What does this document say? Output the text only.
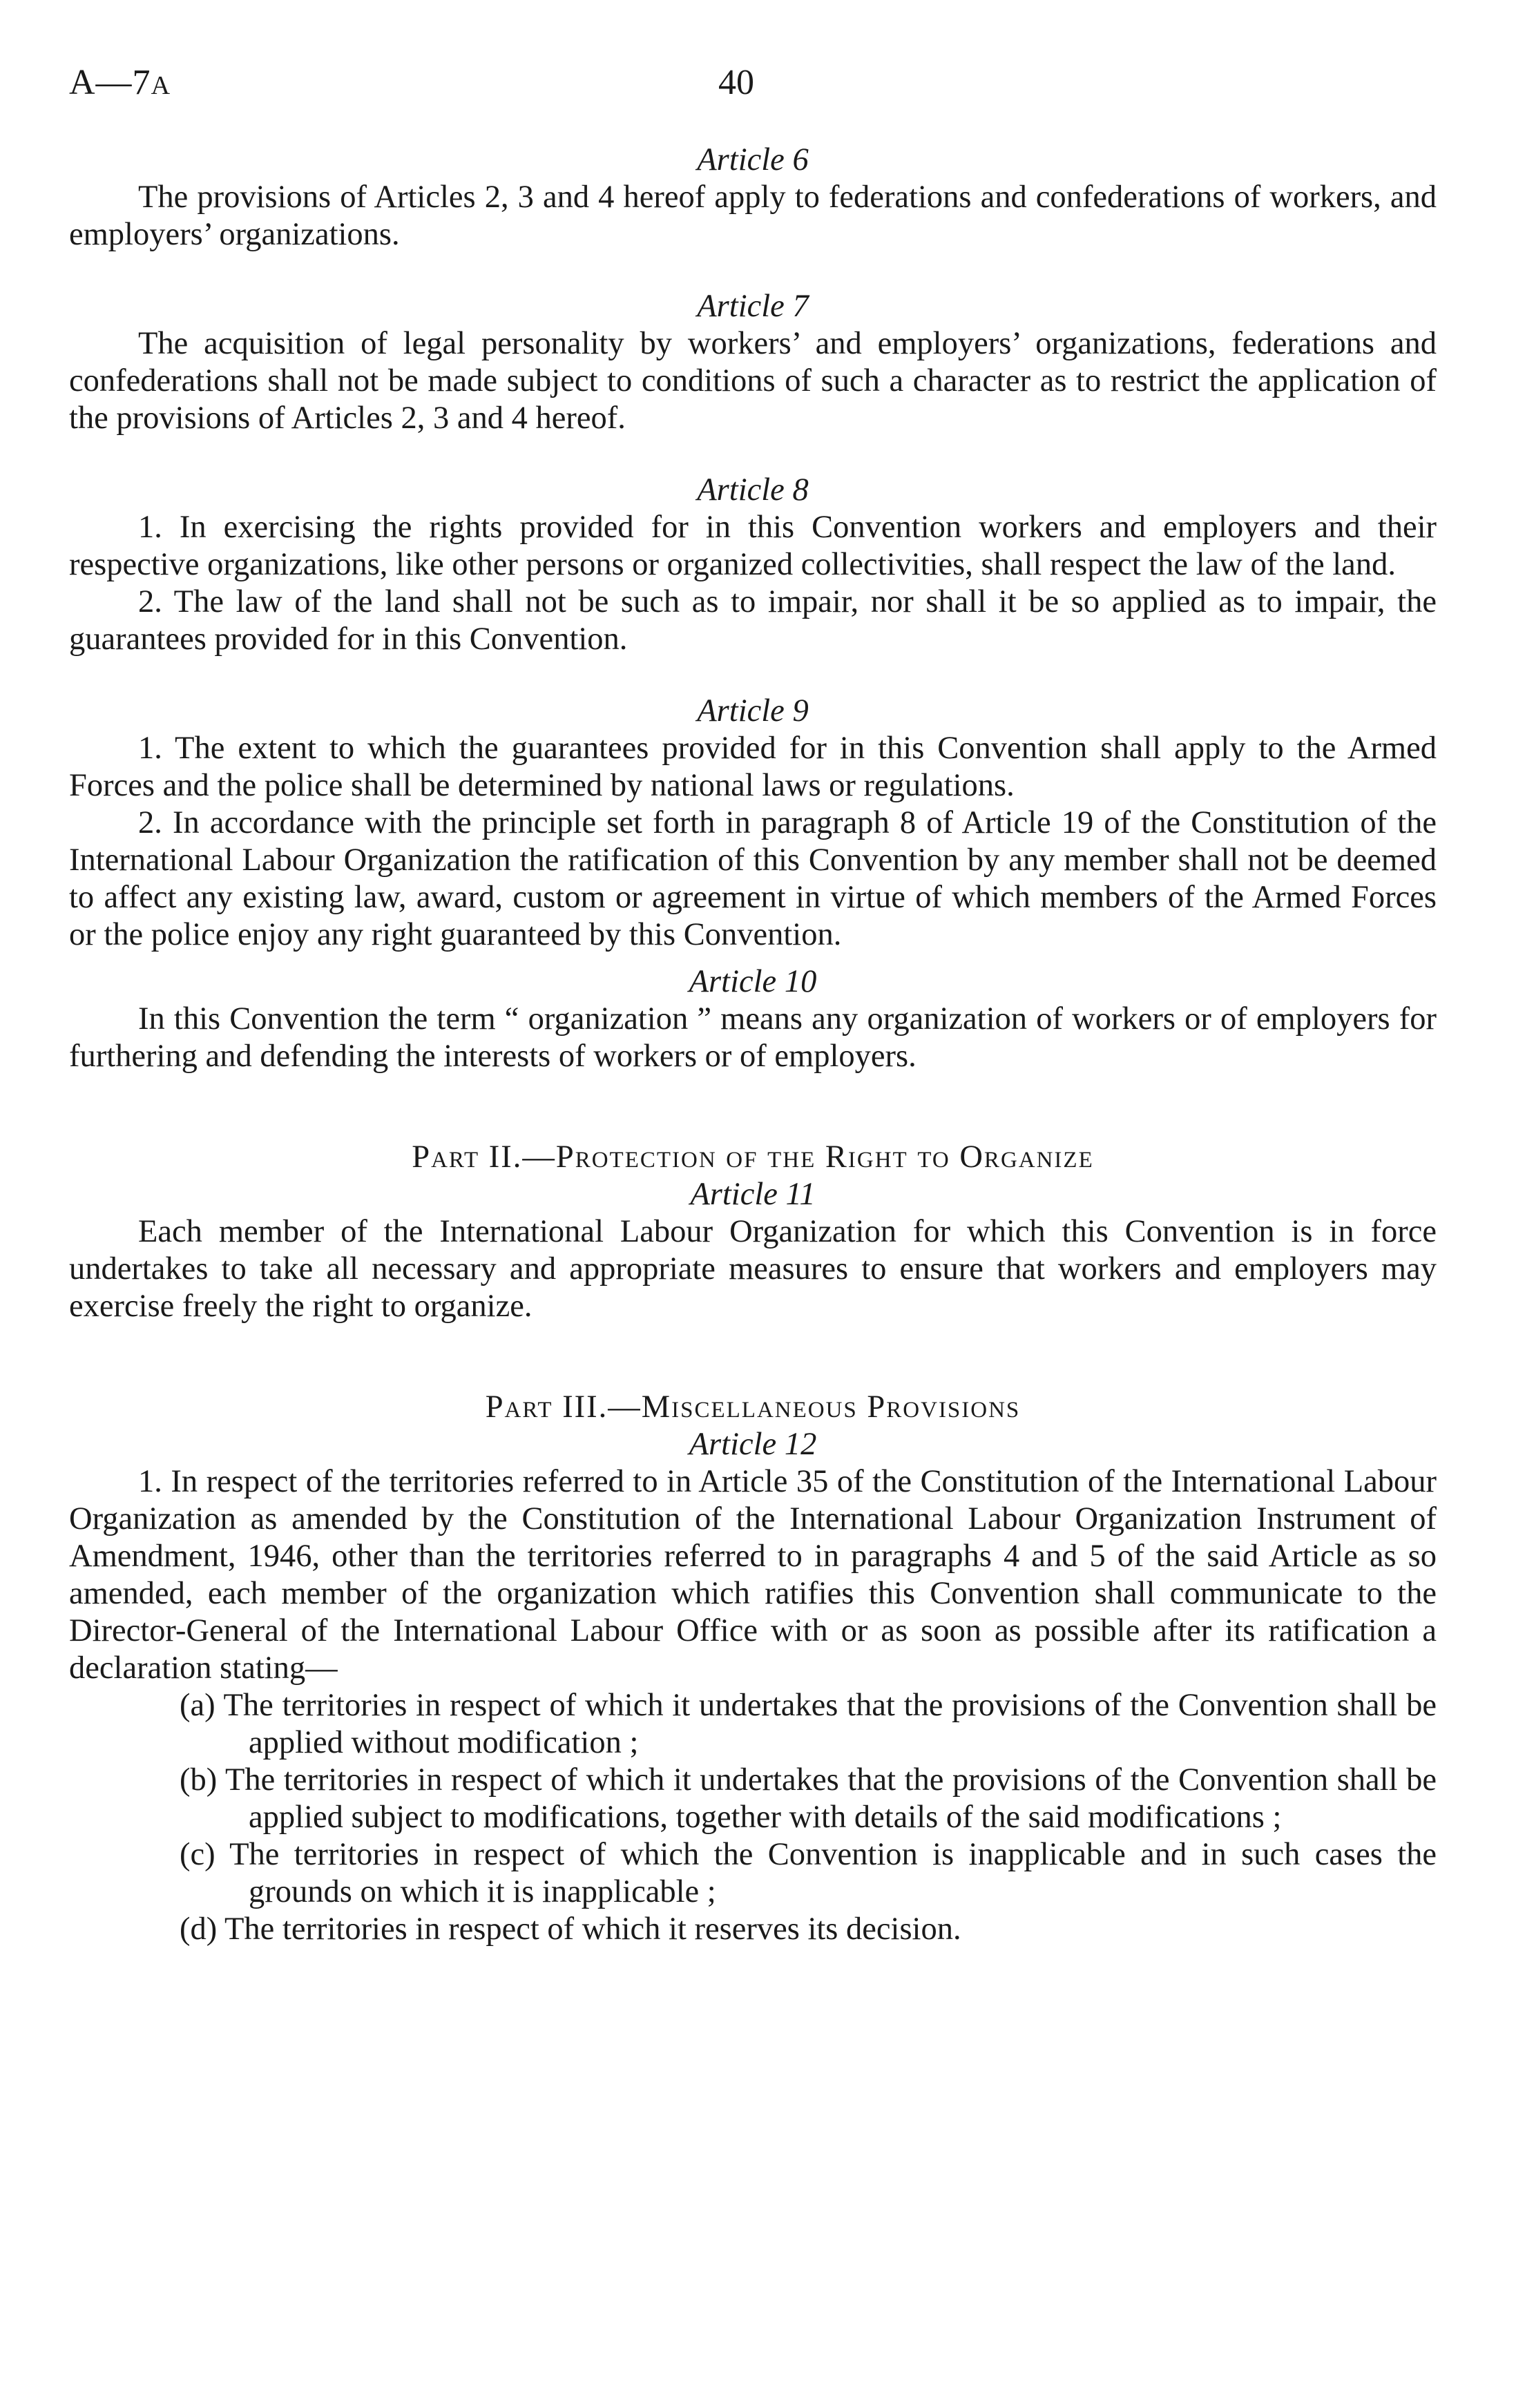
A—7A	40

Article 6

The provisions of Articles 2, 3 and 4 hereof apply to federations and confederations of workers, and employers’ organizations.

Article 7

The acquisition of legal personality by workers’ and employers’ organizations, federations and confederations shall not be made subject to conditions of such a character as to restrict the application of the provisions of Articles 2, 3 and 4 hereof.

Article 8

1. In exercising the rights provided for in this Convention workers and employers and their respective organizations, like other persons or organized collectivities, shall respect the law of the land.

2. The law of the land shall not be such as to impair, nor shall it be so applied as to impair, the guarantees provided for in this Convention.

Article 9

1. The extent to which the guarantees provided for in this Convention shall apply to the Armed Forces and the police shall be determined by national laws or regulations.

2. In accordance with the principle set forth in paragraph 8 of Article 19 of the Constitution of the International Labour Organization the ratification of this Convention by any member shall not be deemed to affect any existing law, award, custom or agreement in virtue of which members of the Armed Forces or the police enjoy any right guaranteed by this Convention.

Article 10

In this Convention the term “ organization ” means any organization of workers or of employers for furthering and defending the interests of workers or of employers.

Part II.—Protection of the Right to Organize

Article 11

Each member of the International Labour Organization for which this Convention is in force undertakes to take all necessary and appropriate measures to ensure that workers and employers may exercise freely the right to organize.

Part III.—Miscellaneous Provisions

Article 12

1. In respect of the territories referred to in Article 35 of the Constitution of the International Labour Organization as amended by the Constitution of the International Labour Organization Instrument of Amendment, 1946, other than the territories referred to in paragraphs 4 and 5 of the said Article as so amended, each member of the organization which ratifies this Convention shall communicate to the Director-General of the International Labour Office with or as soon as possible after its ratification a declaration stating—

(a) The territories in respect of which it undertakes that the provisions of the Convention shall be applied without modification ;

(b) The territories in respect of which it undertakes that the provisions of the Convention shall be applied subject to modifications, together with details of the said modifications ;

(c) The territories in respect of which the Convention is inapplicable and in such cases the grounds on which it is inapplicable ;

(d) The territories in respect of which it reserves its decision.
